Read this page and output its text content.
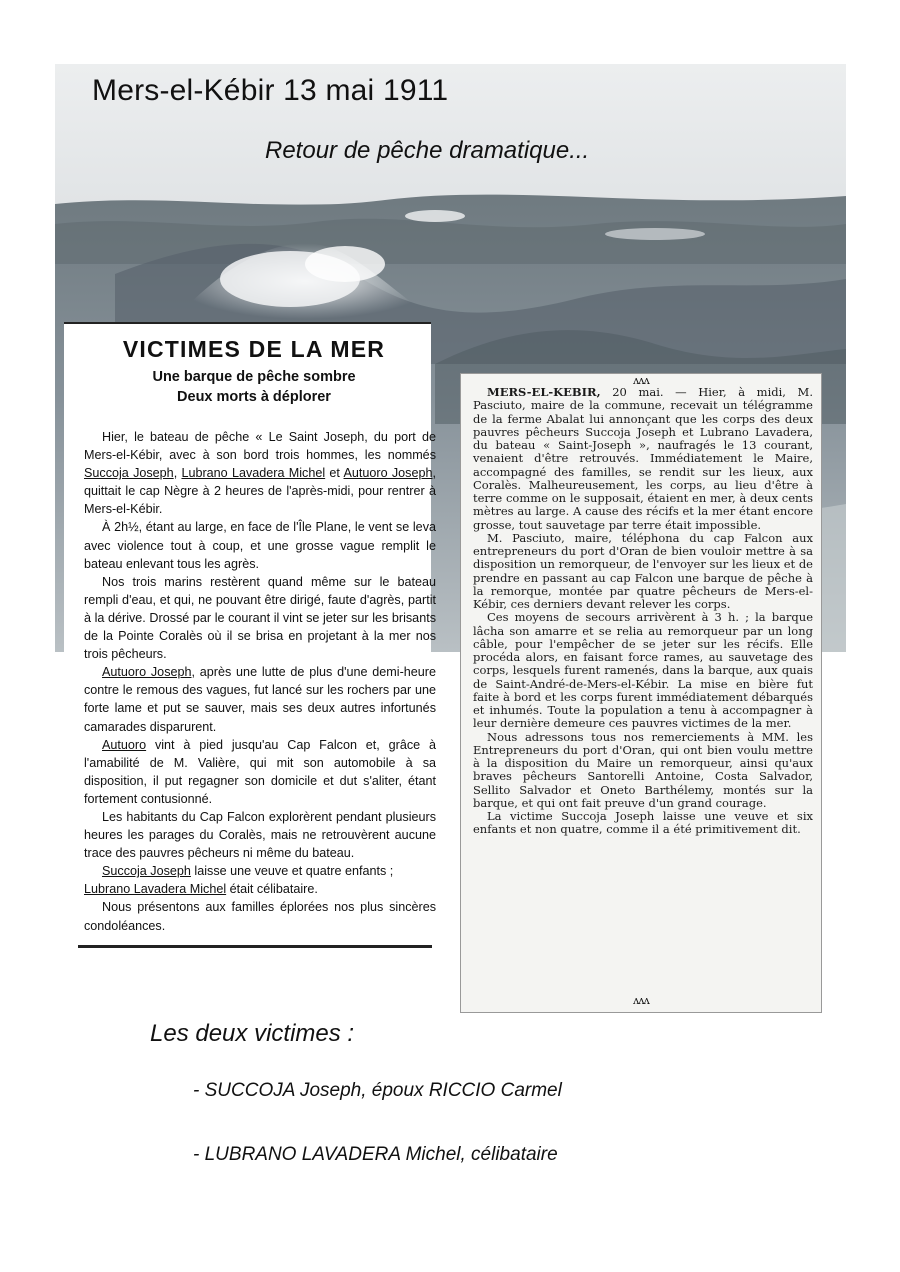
Mers-el-Kébir 13 mai 1911
Retour de pêche dramatique...
VICTIMES DE LA MER
Une barque de pêche sombre
Deux morts à déplorer

Hier, le bateau de pêche « Le Saint Joseph, du port de Mers-el-Kébir, avec à son bord trois hommes, les nommés Succoja Joseph, Lubrano Lavadera Michel et Autuoro Joseph, quittait le cap Nègre à 2 heures de l'après-midi, pour rentrer à Mers-el-Kébir.

À 2h½, étant au large, en face de l'Île Plane, le vent se leva avec violence tout à coup, et une grosse vague remplit le bateau enlevant tous les agrès.

Nos trois marins restèrent quand même sur le bateau rempli d'eau, et qui, ne pouvant être dirigé, faute d'agrès, partit à la dérive. Drossé par le courant il vint se jeter sur les brisants de la Pointe Coralès où il se brisa en projetant à la mer nos trois pêcheurs.

Autuoro Joseph, après une lutte de plus d'une demi-heure contre le remous des vagues, fut lancé sur les rochers par une forte lame et put se sauver, mais ses deux autres infortunés camarades disparurent.

Autuoro vint à pied jusqu'au Cap Falcon et, grâce à l'amabilité de M. Valière, qui mit son automobile à sa disposition, il put regagner son domicile et dut s'aliter, étant fortement contusionné.

Les habitants du Cap Falcon explorèrent pendant plusieurs heures les parages du Coralès, mais ne retrouvèrent aucune trace des pauvres pêcheurs ni même du bateau.

Succoja Joseph laisse une veuve et quatre enfants ;

Lubrano Lavadera Michel était célibataire.

Nous présentons aux familles éplorées nos plus sincères condoléances.

ʌʌʌ

MERS-EL-KEBIR, 20 mai. — Hier, à midi, M. Pasciuto, maire de la commune, recevait un télégramme de la ferme Abalat lui annonçant que les corps des deux pauvres pêcheurs Succoja Joseph et Lubrano Lavadera, du bateau « Saint-Joseph », naufragés le 13 courant, venaient d'être retrouvés. Immédiatement le Maire, accompagné des familles, se rendit sur les lieux, aux Coralès. Malheureusement, les corps, au lieu d'être à terre comme on le supposait, étaient en mer, à deux cents mètres au large. A cause des récifs et la mer étant encore grosse, tout sauvetage par terre était impossible.

M. Pasciuto, maire, téléphona du cap Falcon aux entrepreneurs du port d'Oran de bien vouloir mettre à sa disposition un remorqueur, de l'envoyer sur les lieux et de prendre en passant au cap Falcon une barque de pêche à la remorque, montée par quatre pêcheurs de Mers-el-Kébir, ces derniers devant relever les corps.

Ces moyens de secours arrivèrent à 3 h. ; la barque lâcha son amarre et se relia au remorqueur par un long câble, pour l'empêcher de se jeter sur les récifs. Elle procéda alors, en faisant force rames, au sauvetage des corps, lesquels furent ramenés, dans la barque, aux quais de Saint-André-de-Mers-el-Kébir. La mise en bière fut faite à bord et les corps furent immédiatement débarqués et inhumés. Toute la population a tenu à accompagner à leur dernière demeure ces pauvres victimes de la mer.

Nous adressons tous nos remerciements à MM. les Entrepreneurs du port d'Oran, qui ont bien voulu mettre à la disposition du Maire un remorqueur, ainsi qu'aux braves pêcheurs Santorelli Antoine, Costa Salvador, Sellito Salvador et Oneto Barthélemy, montés sur la barque, et qui ont fait preuve d'un grand courage.

La victime Succoja Joseph laisse une veuve et six enfants et non quatre, comme il a été primitivement dit.

ʌʌʌ
Les deux victimes :
- SUCCOJA Joseph, époux RICCIO Carmel
- LUBRANO LAVADERA Michel, célibataire
